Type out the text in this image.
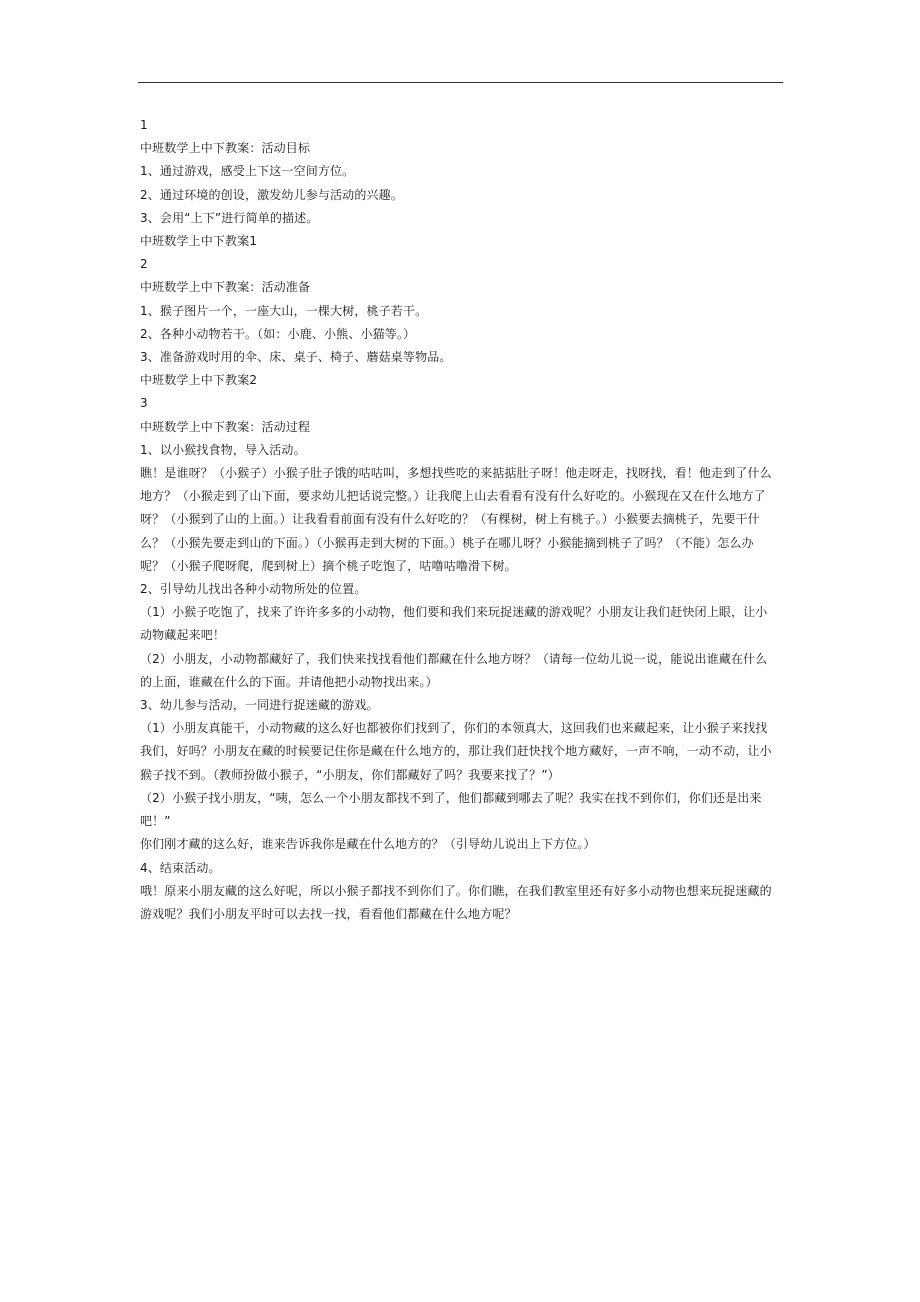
1
中班数学上中下教案：活动目标
1、通过游戏，感受上下这一空间方位。
2、通过环境的创设，激发幼儿参与活动的兴趣。
3、会用“上下”进行简单的描述。
中班数学上中下教案1
2
中班数学上中下教案：活动准备
1、猴子图片一个，一座大山，一棵大树，桃子若干。
2、各种小动物若干。（如：小鹿、小熊、小猫等。）
3、准备游戏时用的伞、床、桌子、椅子、蘑菇桌等物品。
中班数学上中下教案2
3
中班数学上中下教案：活动过程
1、以小猴找食物，导入活动。
瞧！是谁呀？（小猴子）小猴子肚子饿的咕咕叫，多想找些吃的来掂掂肚子呀！他走呀走，找呀找，看！他走到了什么
地方？（小猴走到了山下面，要求幼儿把话说完整。）让我爬上山去看看有没有什么好吃的。小猴现在又在什么地方了
呀？（小猴到了山的上面。）让我看看前面有没有什么好吃的？（有棵树，树上有桃子。）小猴要去摘桃子，先要干什
么？（小猴先要走到山的下面。）（小猴再走到大树的下面。）桃子在哪儿呀？小猴能摘到桃子了吗？（不能）怎么办
呢？（小猴子爬呀爬，爬到树上）摘个桃子吃饱了，咕噜咕噜滑下树。
2、引导幼儿找出各种小动物所处的位置。
（1）小猴子吃饱了，找来了许许多多的小动物，他们要和我们来玩捉迷藏的游戏呢？小朋友让我们赶快闭上眼，让小
动物藏起来吧！
（2）小朋友，小动物都藏好了，我们快来找找看他们都藏在什么地方呀？（请每一位幼儿说一说，能说出谁藏在什么
的上面，谁藏在什么的下面。并请他把小动物找出来。）
3、幼儿参与活动，一同进行捉迷藏的游戏。
（1）小朋友真能干，小动物藏的这么好也都被你们找到了，你们的本领真大，这回我们也来藏起来，让小猴子来找找
我们，好吗？小朋友在藏的时候要记住你是藏在什么地方的，那让我们赶快找个地方藏好，一声不响，一动不动，让小
猴子找不到。（教师扮做小猴子，“小朋友，你们都藏好了吗？我要来找了？”）
（2）小猴子找小朋友，“咦，怎么一个小朋友都找不到了，他们都藏到哪去了呢？我实在找不到你们，你们还是出来
吧！”
你们刚才藏的这么好，谁来告诉我你是藏在什么地方的？（引导幼儿说出上下方位。）
4、结束活动。
哦！原来小朋友藏的这么好呢，所以小猴子都找不到你们了。你们瞧，在我们教室里还有好多小动物也想来玩捉迷藏的
游戏呢？我们小朋友平时可以去找一找，看看他们都藏在什么地方呢？
